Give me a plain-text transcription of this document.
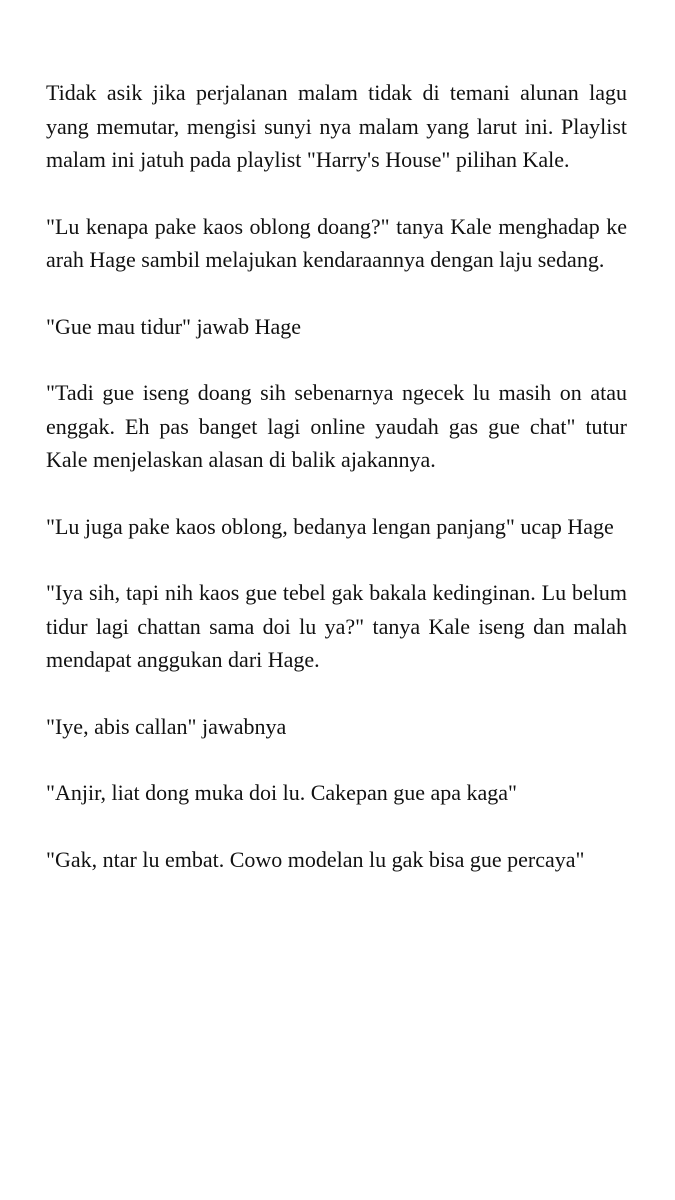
Tidak asik jika perjalanan malam tidak di temani alunan lagu yang memutar, mengisi sunyi nya malam yang larut ini. Playlist malam ini jatuh pada playlist "Harry's House" pilihan Kale.

"Lu kenapa pake kaos oblong doang?" tanya Kale menghadap ke arah Hage sambil melajukan kendaraannya dengan laju sedang.

"Gue mau tidur" jawab Hage

"Tadi gue iseng doang sih sebenarnya ngecek lu masih on atau enggak. Eh pas banget lagi online yaudah gas gue chat" tutur Kale menjelaskan alasan di balik ajakannya.

"Lu juga pake kaos oblong, bedanya lengan panjang" ucap Hage

"Iya sih, tapi nih kaos gue tebel gak bakala kedinginan. Lu belum tidur lagi chattan sama doi lu ya?" tanya Kale iseng dan malah mendapat anggukan dari Hage.

"Iye, abis callan" jawabnya

"Anjir, liat dong muka doi lu. Cakepan gue apa kaga"

"Gak, ntar lu embat. Cowo modelan lu gak bisa gue percaya"
